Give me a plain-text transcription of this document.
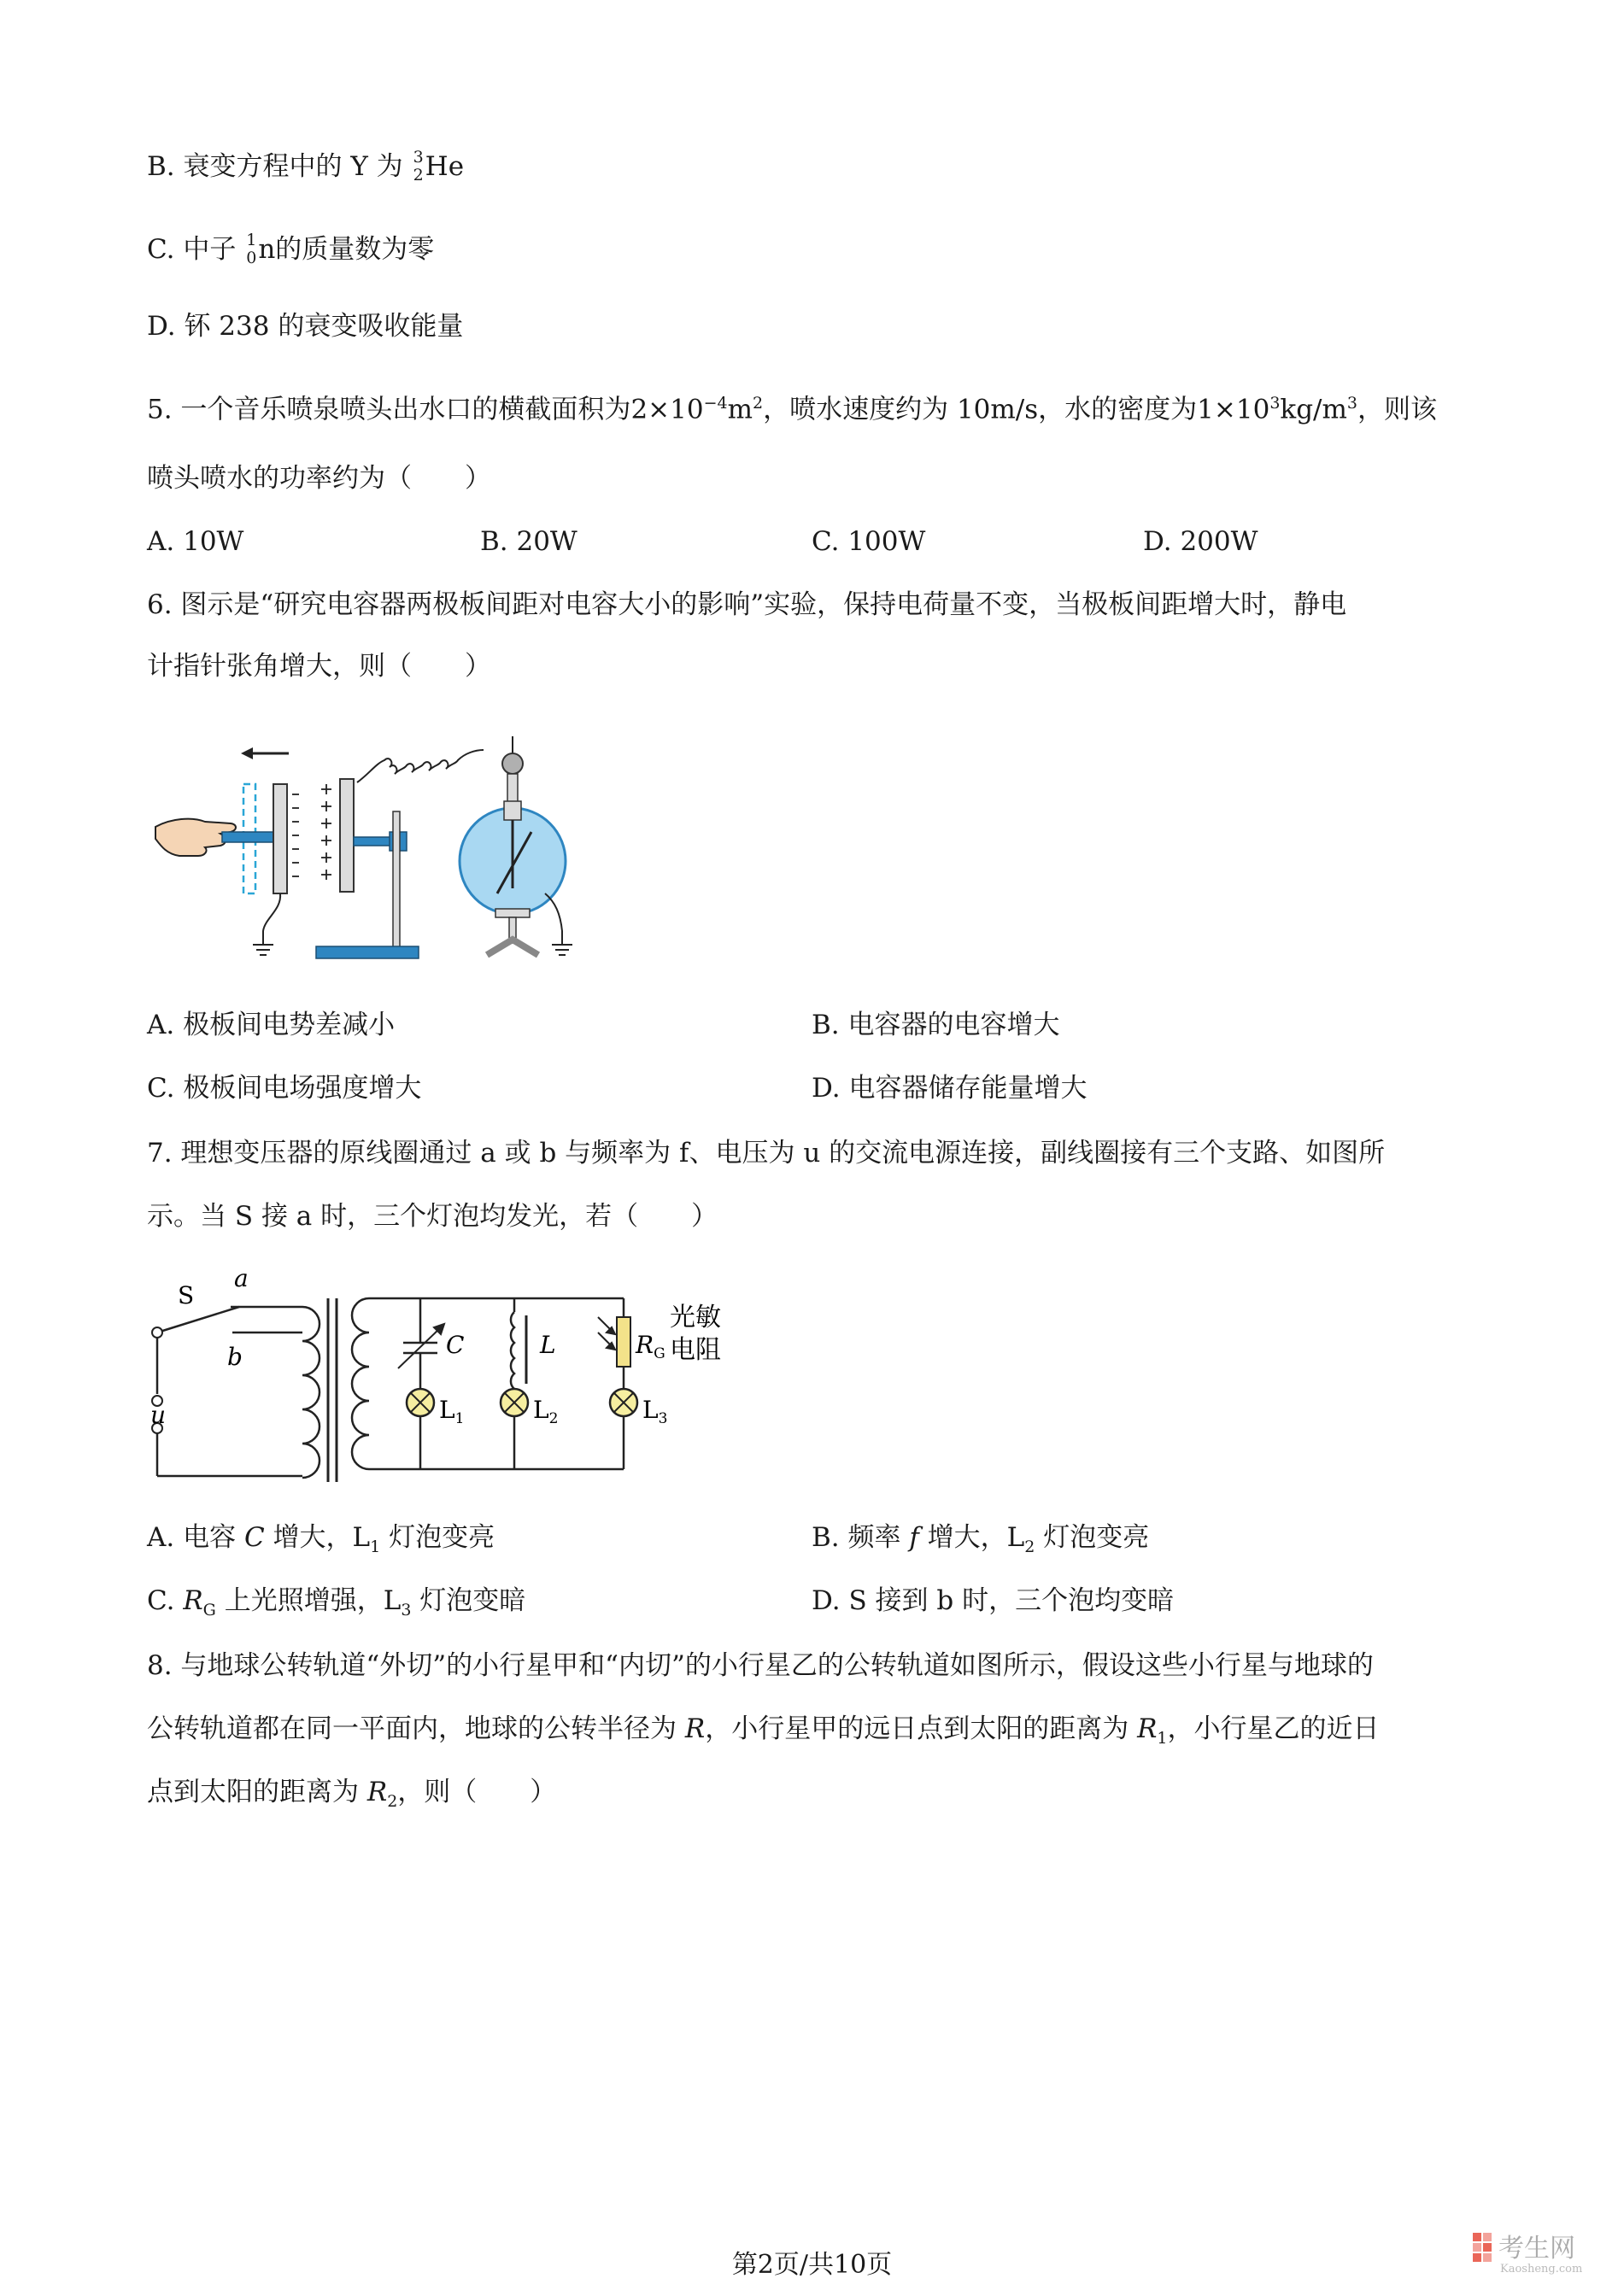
B. 衰变方程中的 Y 为 3
2 He
C. 中子 1
0 n的质量数为零
D. 钚 238 的衰变吸收能量
5. 一个音乐喷泉喷头出水口的横截面积为$2\times 10^{-4}m^2$，喷水速度约为 10m/s，水的密度为$1\times 10^3kg/m^3$，则该
喷头喷水的功率约为（　　）
A. 10W	B. 20W	C. 100W	D. 200W
6. 图示是“研究电容器两极板间距对电容大小的影响”实验，保持电荷量不变，当极板间距增大时，静电
计指针张角增大，则（　　）
A. 极板间电势差减小	B. 电容器的电容增大
C. 极板间电场强度增大	D. 电容器储存能量增大
7. 理想变压器的原线圈通过 a 或 b 与频率为 f、电压为 u 的交流电源连接，副线圈接有三个支路、如图所
示。当 S 接 a 时，三个灯泡均发光，若（　　）
S
a
b
u
C	L	$R_G$
光敏
电阻
$L_1$	$L_2$	$L_3$
A. 电容 C 增大，$L_1$ 灯泡变亮	B. 频率 f 增大，$L_2$ 灯泡变亮
C. $R_G$ 上光照增强，$L_3$ 灯泡变暗	D. S 接到 b 时，三个泡均变暗
8. 与地球公转轨道“外切”的小行星甲和“内切”的小行星乙的公转轨道如图所示，假设这些小行星与地球的
公转轨道都在同一平面内，地球的公转半径为 R，小行星甲的远日点到太阳的距离为 $R_1$，小行星乙的近日
点到太阳的距离为 $R_2$，则（　　）
第2页/共10页
考生网
Kaosheng.com
